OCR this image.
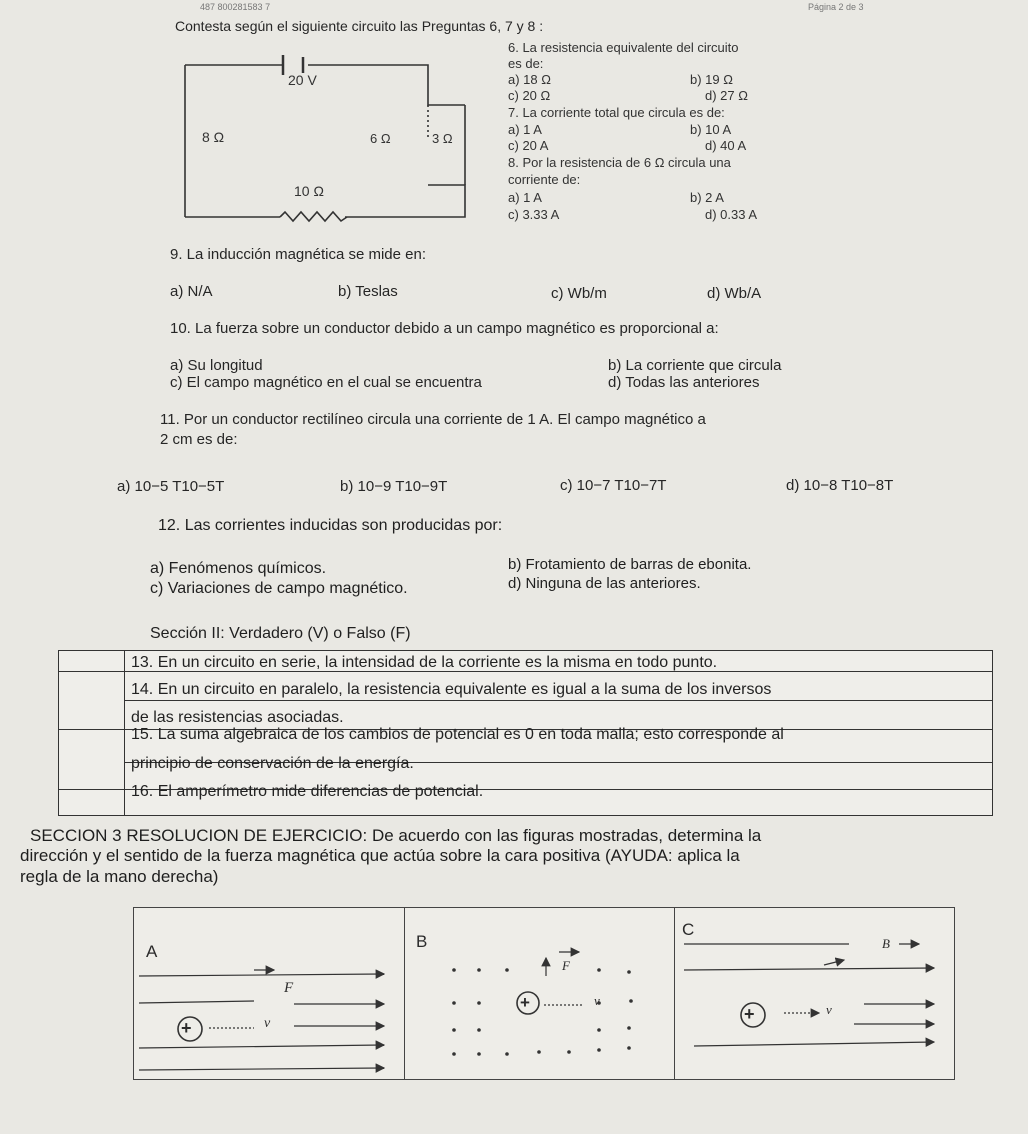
487 800281583 7	Página 2 de 3
Contesta según el siguiente circuito las Preguntas 6, 7 y 8 :
20 V
8 Ω	6 Ω	3 Ω
10 Ω
6. La resistencia equivalente del circuito
es de:
a) 18 Ω	b) 19 Ω
c) 20 Ω	d) 27 Ω
7. La corriente total que circula es de:
a) 1 A	b) 10 A
c) 20 A	d) 40 A
8. Por la resistencia de 6 Ω circula una
corriente de:
a) 1 A	b) 2 A
c) 3.33 A	d) 0.33 A
9. La inducción magnética se mide en:
a) N/A	b) Teslas	c) Wb/m	d) Wb/A
10. La fuerza sobre un conductor debido a un campo magnético es proporcional a:
a) Su longitud	b) La corriente que circula
c) El campo magnético en el cual se encuentra	d) Todas las anteriores
11. Por un conductor rectilíneo circula una corriente de 1 A. El campo magnético a
2 cm es de:
a) 10−5 T10−5T	b) 10−9 T10−9T	c) 10−7 T10−7T	d) 10−8 T10−8T
12. Las corrientes inducidas son producidas por:
a) Fenómenos químicos.	b) Frotamiento de barras de ebonita.
c) Variaciones de campo magnético.	d) Ninguna de las anteriores.
Sección II: Verdadero (V) o Falso (F)
13. En un circuito en serie, la intensidad de la corriente es la misma en todo punto.
14. En un circuito en paralelo, la resistencia equivalente es igual a la suma de los inversos
de las resistencias asociadas.
15. La suma algebraica de los cambios de potencial es 0 en toda malla; esto corresponde al
principio de conservación de la energía.
16. El amperímetro mide diferencias de potencial.
SECCION 3 RESOLUCION DE EJERCICIO: De acuerdo con las figuras mostradas, determina la
dirección y el sentido de la fuerza magnética que actúa sobre la cara positiva (AYUDA: aplica la
regla de la mano derecha)
A
B
C
+
+
+
F
v
F
v
v
B
